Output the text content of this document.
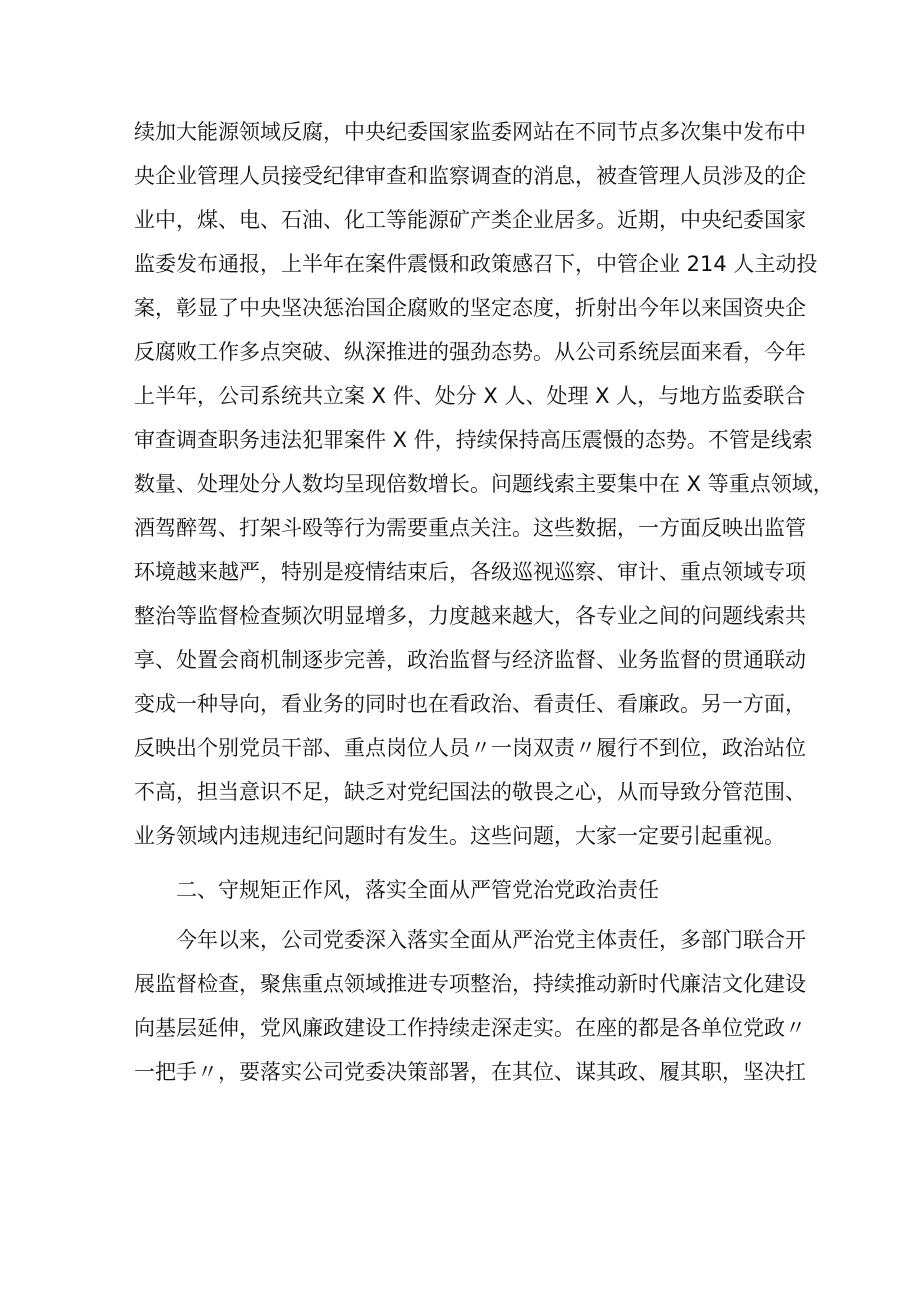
续加大能源领域反腐，中央纪委国家监委网站在不同节点多次集中发布中
央企业管理人员接受纪律审查和监察调查的消息，被查管理人员涉及的企
业中，煤、电、石油、化工等能源矿产类企业居多。近期，中央纪委国家
监委发布通报，上半年在案件震慑和政策感召下，中管企业 214 人主动投
案，彰显了中央坚决惩治国企腐败的坚定态度，折射出今年以来国资央企
反腐败工作多点突破、纵深推进的强劲态势。从公司系统层面来看，今年
上半年，公司系统共立案 X 件、处分 X 人、处理 X 人，与地方监委联合
审查调查职务违法犯罪案件 X 件，持续保持高压震慑的态势。不管是线索
数量、处理处分人数均呈现倍数增长。问题线索主要集中在 X 等重点领域，
酒驾醉驾、打架斗殴等行为需要重点关注。这些数据，一方面反映出监管
环境越来越严，特别是疫情结束后，各级巡视巡察、审计、重点领域专项
整治等监督检查频次明显增多，力度越来越大，各专业之间的问题线索共
享、处置会商机制逐步完善，政治监督与经济监督、业务监督的贯通联动
变成一种导向，看业务的同时也在看政治、看责任、看廉政。另一方面，
反映出个别党员干部、重点岗位人员〃一岗双责〃履行不到位，政治站位
不高，担当意识不足，缺乏对党纪国法的敬畏之心，从而导致分管范围、
业务领域内违规违纪问题时有发生。这些问题，大家一定要引起重视。
二、守规矩正作风，落实全面从严管党治党政治责任
今年以来，公司党委深入落实全面从严治党主体责任，多部门联合开
展监督检查，聚焦重点领域推进专项整治，持续推动新时代廉洁文化建设
向基层延伸，党风廉政建设工作持续走深走实。在座的都是各单位党政〃
一把手〃，要落实公司党委决策部署，在其位、谋其政、履其职，坚决扛
